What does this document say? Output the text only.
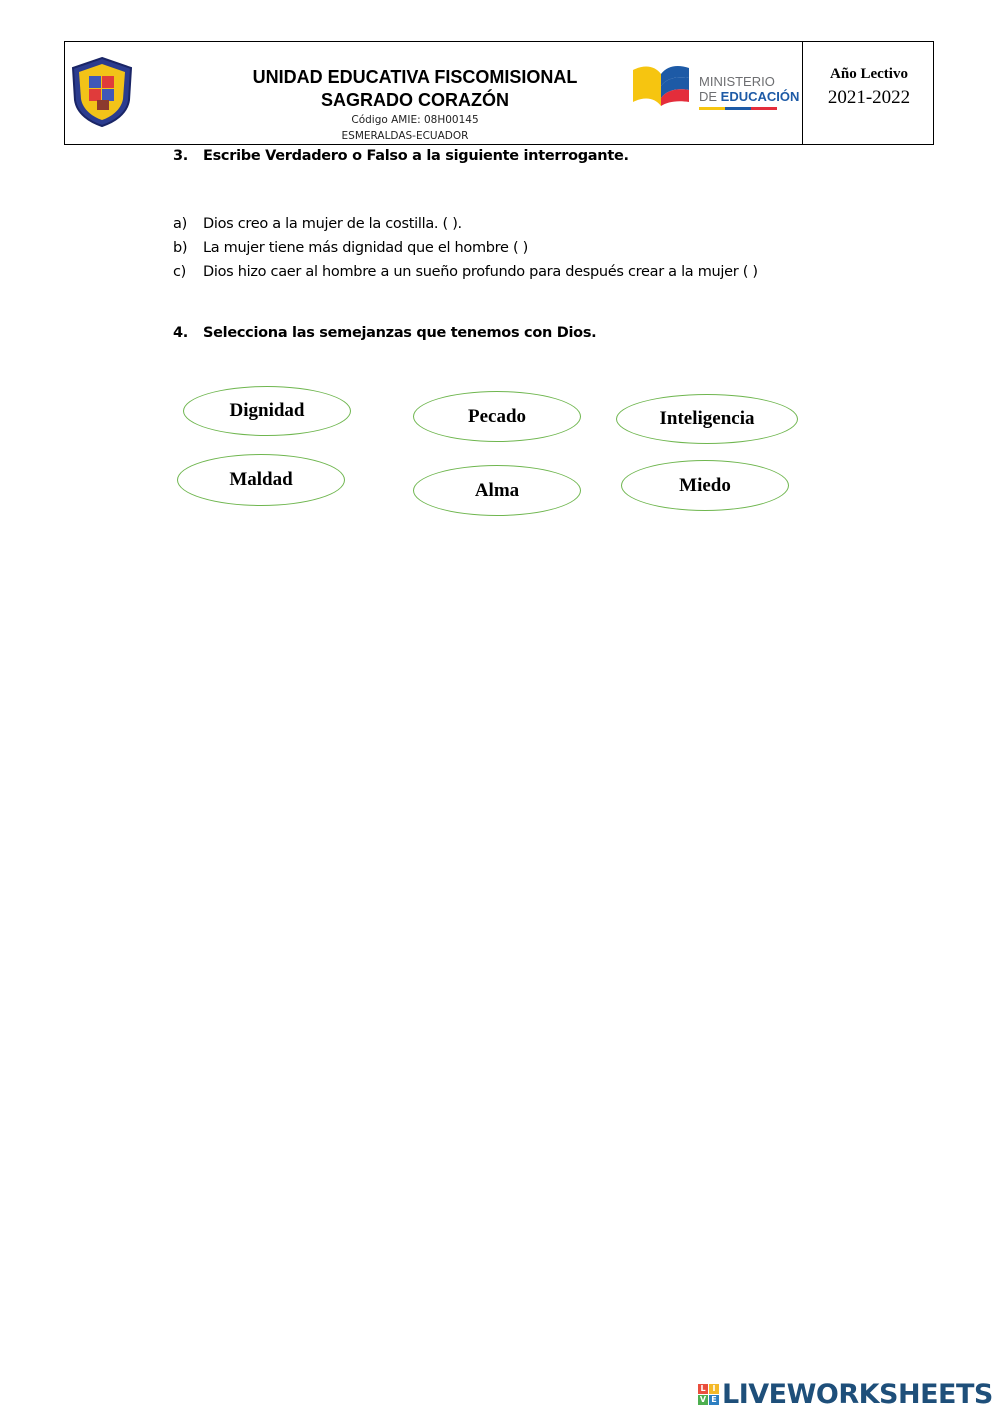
UNIDAD EDUCATIVA FISCOMISIONAL
SAGRADO CORAZÓN
Código AMIE: 08H00145
ESMERALDAS-ECUADOR
MINISTERIO
DE EDUCACIÓN
Año Lectivo
2021-2022
3. Escribe Verdadero o Falso a la siguiente interrogante.
a) Dios creo a la mujer de la costilla. ( ).
b) La mujer tiene más dignidad que el hombre ( )
c) Dios hizo caer al hombre a un sueño profundo para después crear a la mujer ( )
4. Selecciona las semejanzas que tenemos con Dios.
Dignidad	Pecado	Inteligencia
Maldad	Alma	Miedo
L I
V E LIVEWORKSHEETS
